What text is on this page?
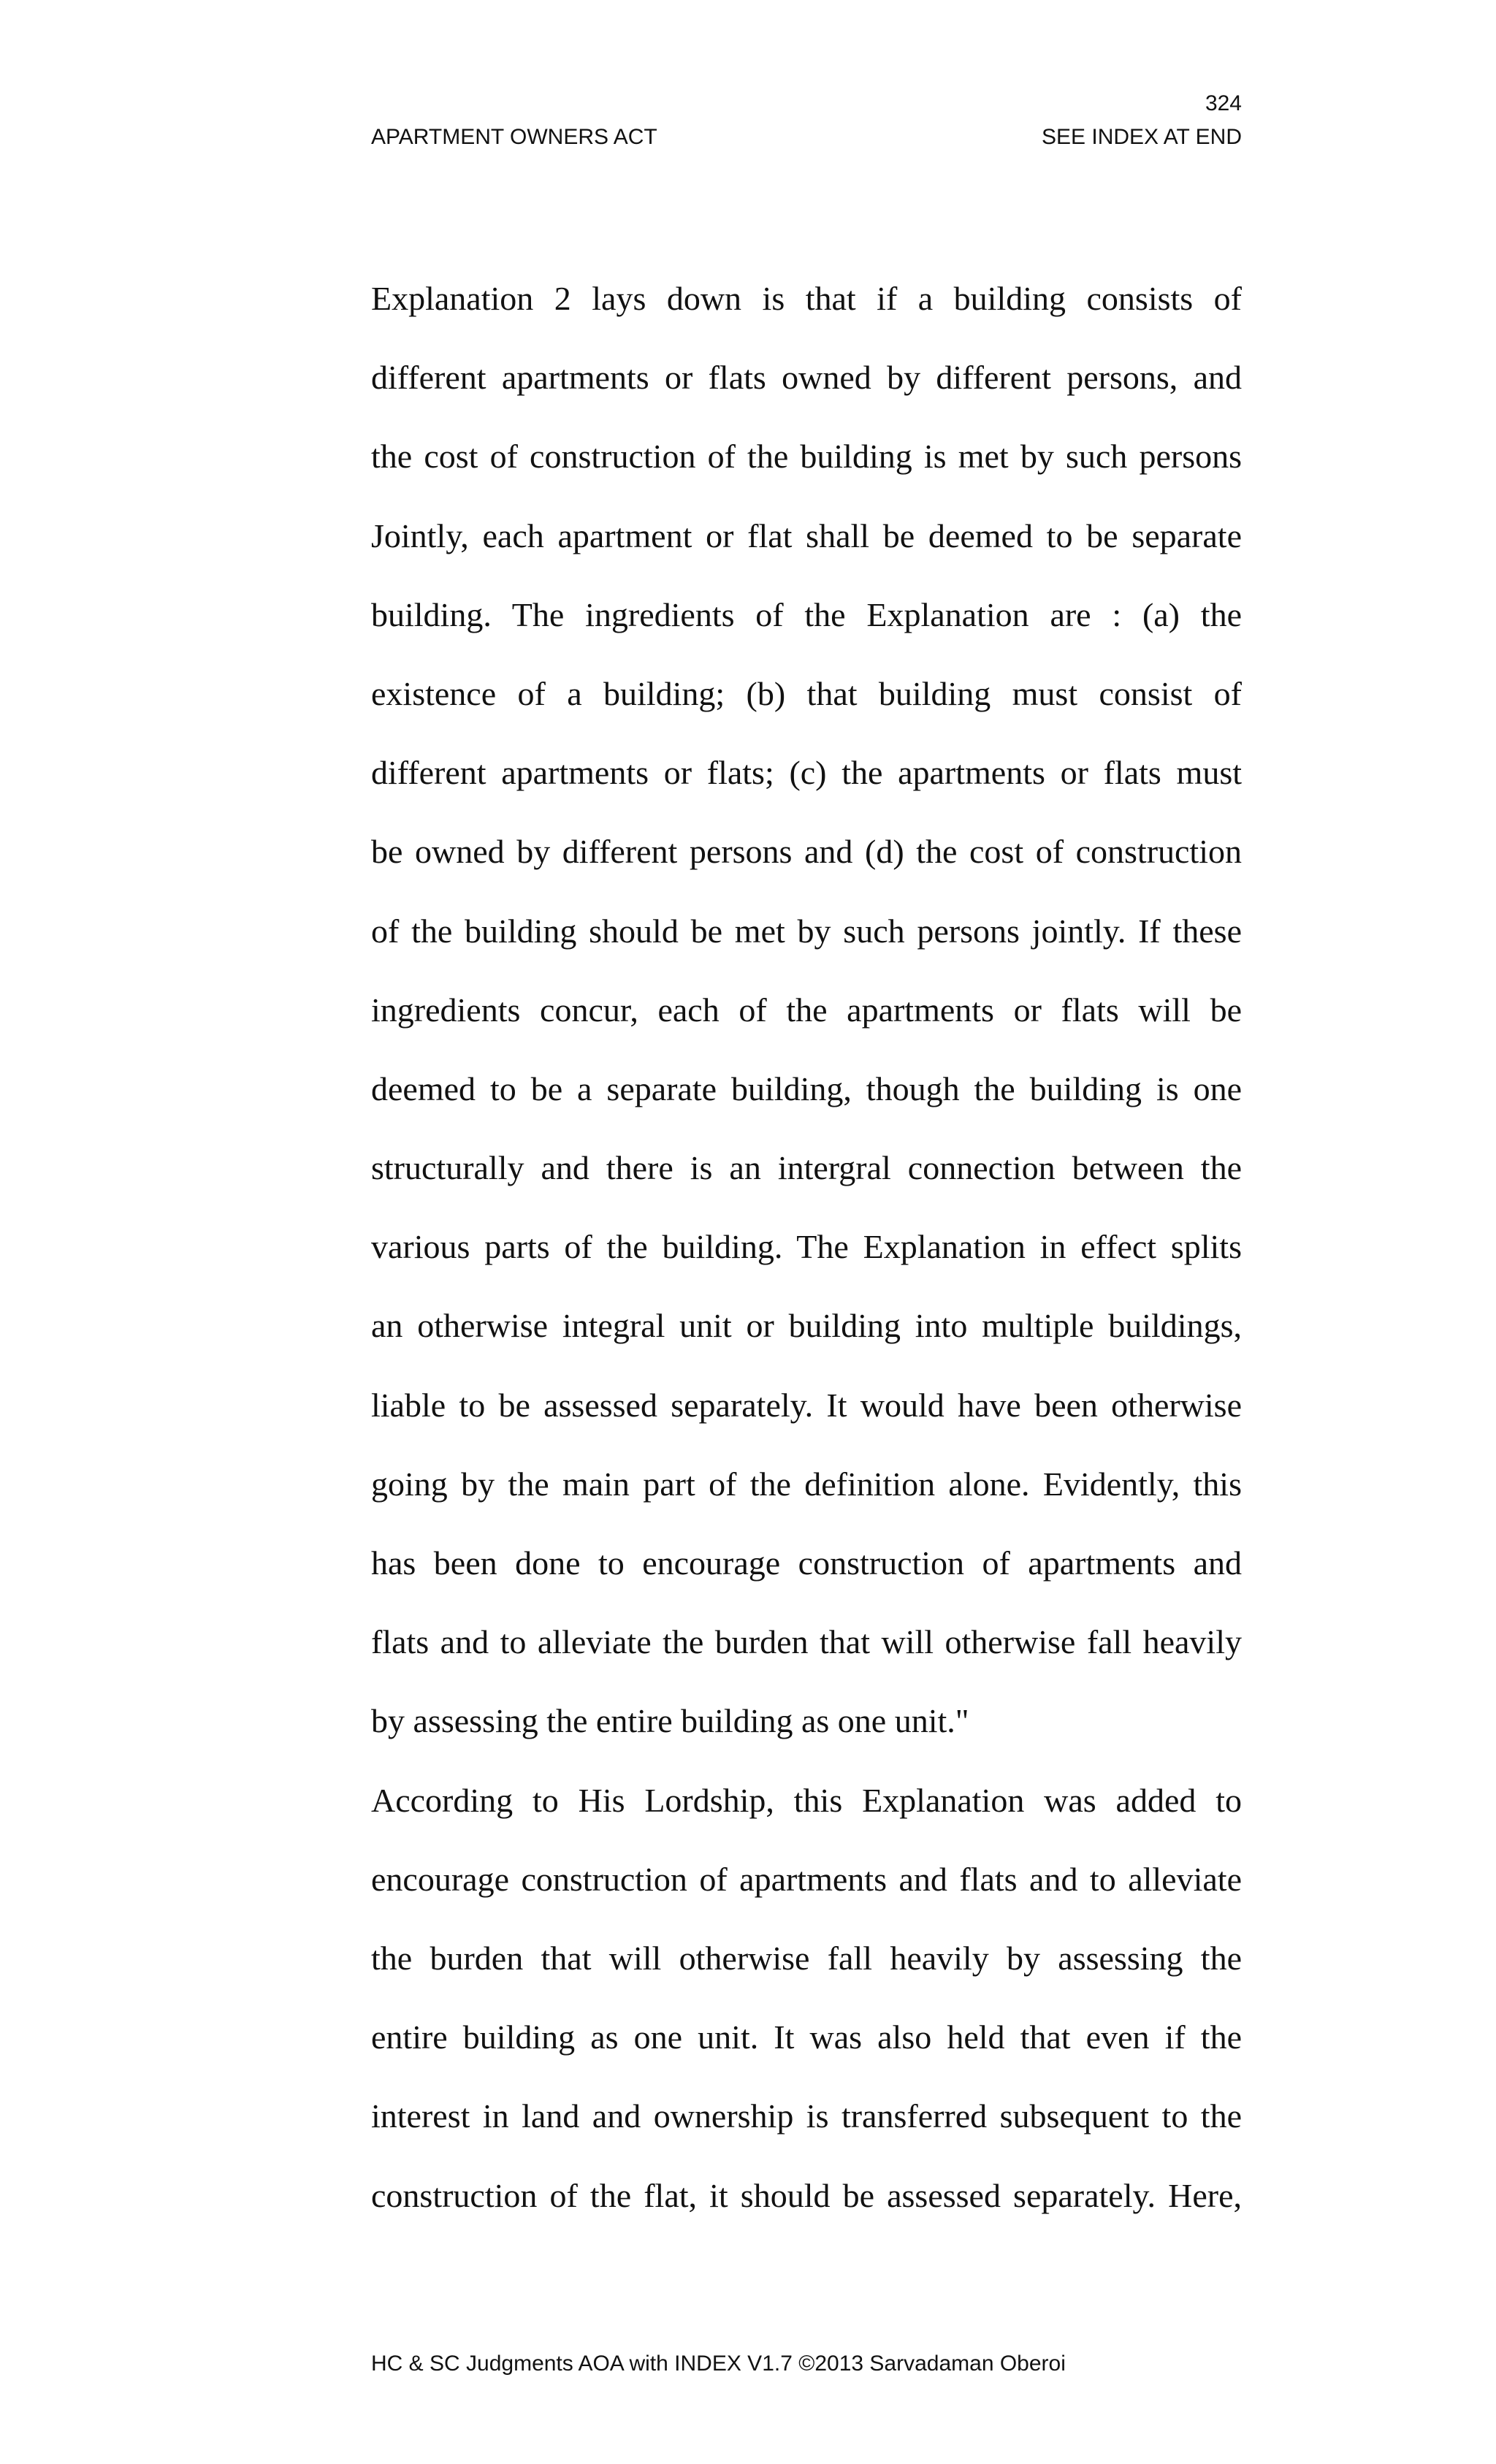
324
APARTMENT OWNERS ACT	SEE INDEX AT END
Explanation 2 lays down is that if a building consists of
different apartments or flats owned by different persons, and
the cost of construction of the building is met by such persons
Jointly, each apartment or flat shall be deemed to be separate
building. The ingredients of the Explanation are : (a) the
existence of a building; (b) that building must consist of
different apartments or flats; (c) the apartments or flats must
be owned by different persons and (d) the cost of construction
of the building should be met by such persons jointly. If these
ingredients concur, each of the apartments or flats will be
deemed to be a separate building, though the building is one
structurally and there is an intergral connection between the
various parts of the building. The Explanation in effect splits
an otherwise integral unit or building into multiple buildings,
liable to be assessed separately. It would have been otherwise
going by the main part of the definition alone. Evidently, this
has been done to encourage construction of apartments and
flats and to alleviate the burden that will otherwise fall heavily
by assessing the entire building as one unit."
According to His Lordship, this Explanation was added to
encourage construction of apartments and flats and to alleviate
the burden that will otherwise fall heavily by assessing the
entire building as one unit. It was also held that even if the
interest in land and ownership is transferred subsequent to the
construction of the flat, it should be assessed separately. Here,
HC & SC Judgments AOA with INDEX V1.7 ©2013 Sarvadaman Oberoi
